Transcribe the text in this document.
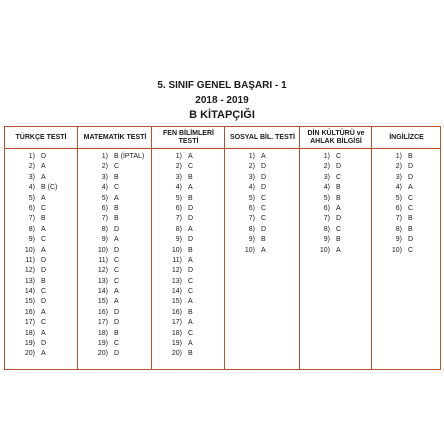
5. SINIF GENEL BAŞARI - 1
2018 - 2019
B KİTAPÇIĞI
TÜRKÇE TESTİ
1) D
2) A
3) A
4) B (C)
5) A
6) C
7) B
8) A
9) C
10) A
11) D
12) D
13) B
14) C
15) D
16) A
17) C
18) A
19) D
20) A
MATEMATİK TESTİ
1) B (İPTAL)
2) C
3) B
4) C
5) A
6) B
7) B
8) D
9) A
10) D
11) C
12) C
13) C
14) A
15) A
16) D
17) D
18) B
19) C
20) D
FEN BİLİMLERİ TESTİ
1) A
2) C
3) B
4) A
5) B
6) D
7) D
8) A
9) D
10) B
11) A
12) D
13) C
14) C
15) A
16) B
17) A
18) C
19) A
20) B
SOSYAL BİL. TESTİ
1) A
2) D
3) D
4) D
5) C
6) C
7) C
8) D
9) B
10) A
DİN KÜLTÜRÜ ve AHLAK BİLGİSİ
1) C
2) D
3) C
4) B
5) B
6) A
7) D
8) C
9) B
10) A
İNGİLİZCE
1) B
2) D
3) D
4) A
5) C
6) C
7) B
8) B
9) D
10) C
